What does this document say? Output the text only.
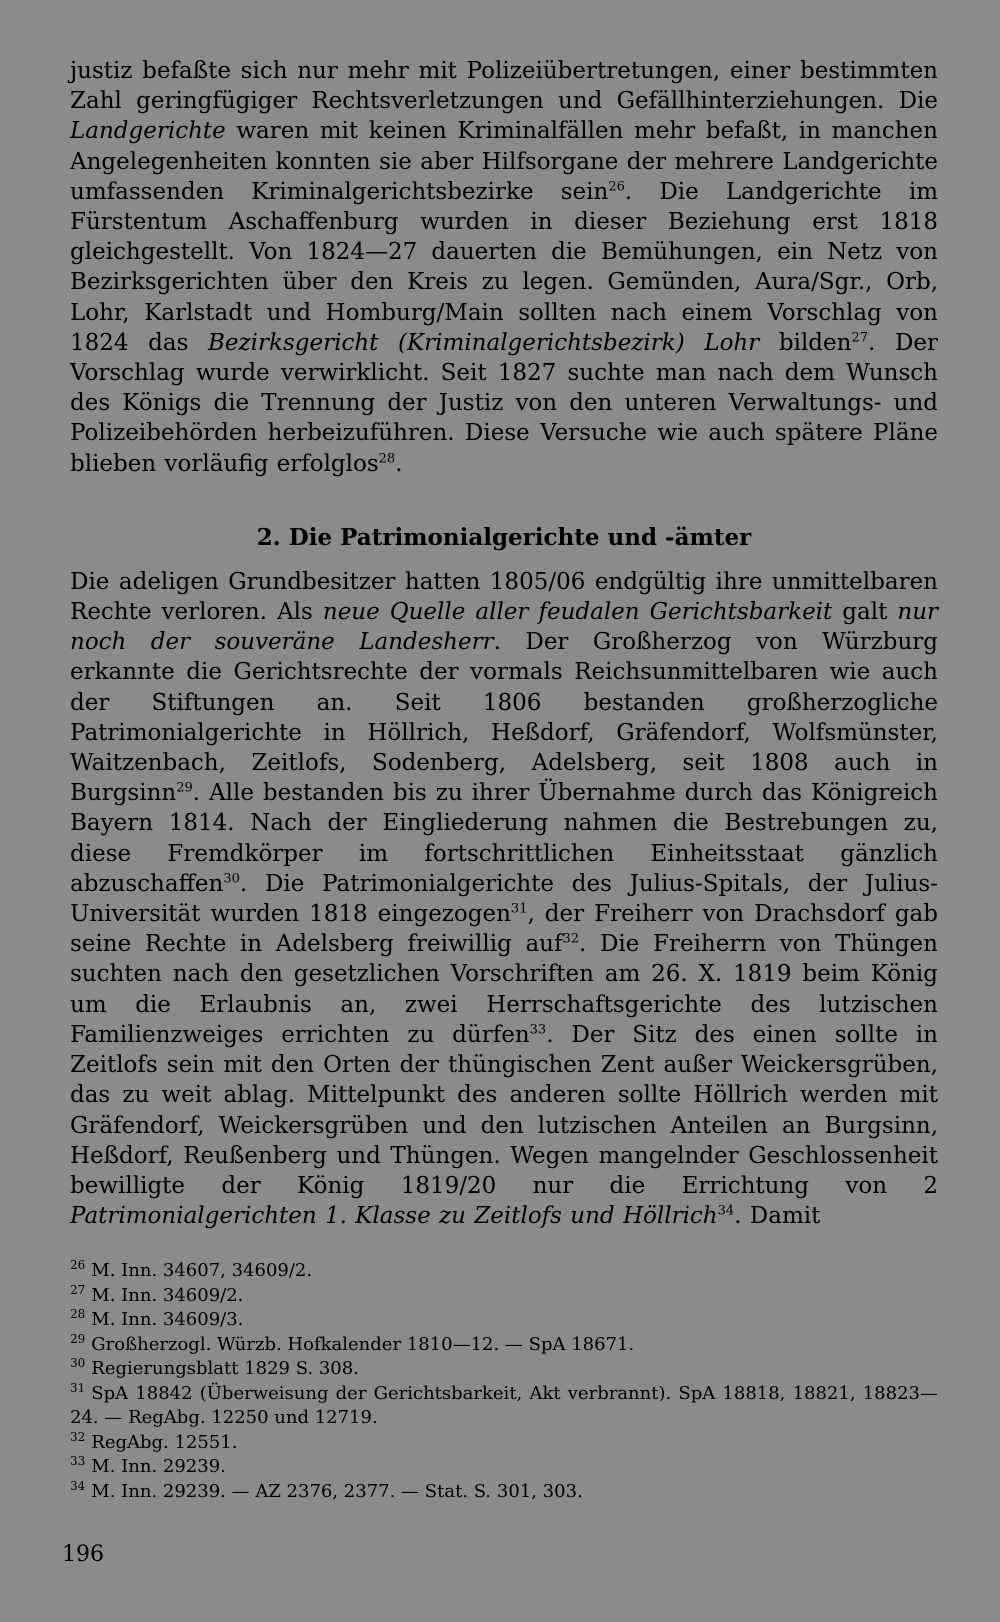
justiz befaßte sich nur mehr mit Polizeiübertretungen, einer bestimmten Zahl geringfügiger Rechtsverletzungen und Gefällhinterziehungen. Die Landgerichte waren mit keinen Kriminalfällen mehr befaßt, in manchen Angelegenheiten konnten sie aber Hilfsorgane der mehrere Landgerichte umfassenden Kriminalgerichtsbezirke sein$^{26}$. Die Landgerichte im Fürstentum Aschaffenburg wurden in dieser Beziehung erst 1818 gleichgestellt. Von 1824—27 dauerten die Bemühungen, ein Netz von Bezirksgerichten über den Kreis zu legen. Gemünden, Aura/Sgr., Orb, Lohr, Karlstadt und Homburg/Main sollten nach einem Vorschlag von 1824 das Bezirksgericht (Kriminalgerichtsbezirk) Lohr bilden$^{27}$. Der Vorschlag wurde verwirklicht. Seit 1827 suchte man nach dem Wunsch des Königs die Trennung der Justiz von den unteren Verwaltungs- und Polizeibehörden herbeizuführen. Diese Versuche wie auch spätere Pläne blieben vorläufig erfolglos$^{28}$.

2. Die Patrimonialgerichte und -ämter

Die adeligen Grundbesitzer hatten 1805/06 endgültig ihre unmittelbaren Rechte verloren. Als neue Quelle aller feudalen Gerichtsbarkeit galt nur noch der souveräne Landesherr. Der Großherzog von Würzburg erkannte die Gerichtsrechte der vormals Reichsunmittelbaren wie auch der Stiftungen an. Seit 1806 bestanden großherzogliche Patrimonialgerichte in Höllrich, Heßdorf, Gräfendorf, Wolfsmünster, Waitzenbach, Zeitlofs, Sodenberg, Adelsberg, seit 1808 auch in Burgsinn$^{29}$. Alle bestanden bis zu ihrer Übernahme durch das Königreich Bayern 1814. Nach der Eingliederung nahmen die Bestrebungen zu, diese Fremdkörper im fortschrittlichen Einheitsstaat gänzlich abzuschaffen$^{30}$. Die Patrimonialgerichte des Julius-Spitals, der Julius-Universität wurden 1818 eingezogen$^{31}$, der Freiherr von Drachsdorf gab seine Rechte in Adelsberg freiwillig auf$^{32}$. Die Freiherrn von Thüngen suchten nach den gesetzlichen Vorschriften am 26. X. 1819 beim König um die Erlaubnis an, zwei Herrschaftsgerichte des lutzischen Familienzweiges errichten zu dürfen$^{33}$. Der Sitz des einen sollte in Zeitlofs sein mit den Orten der thüngischen Zent außer Weickersgrüben, das zu weit ablag. Mittelpunkt des anderen sollte Höllrich werden mit Gräfendorf, Weickersgrüben und den lutzischen Anteilen an Burgsinn, Heßdorf, Reußenberg und Thüngen. Wegen mangelnder Geschlossenheit bewilligte der König 1819/20 nur die Errichtung von 2 Patrimonialgerichten 1. Klasse zu Zeitlofs und Höllrich$^{34}$. Damit

$^{26}$ M. Inn. 34607, 34609/2.

$^{27}$ M. Inn. 34609/2.

$^{28}$ M. Inn. 34609/3.

$^{29}$ Großherzogl. Würzb. Hofkalender 1810—12. — SpA 18671.

$^{30}$ Regierungsblatt 1829 S. 308.

$^{31}$ SpA 18842 (Überweisung der Gerichtsbarkeit, Akt verbrannt). SpA 18818, 18821, 18823—24. — RegAbg. 12250 und 12719.

$^{32}$ RegAbg. 12551.

$^{33}$ M. Inn. 29239.

$^{34}$ M. Inn. 29239. — AZ 2376, 2377. — Stat. S. 301, 303.

196
